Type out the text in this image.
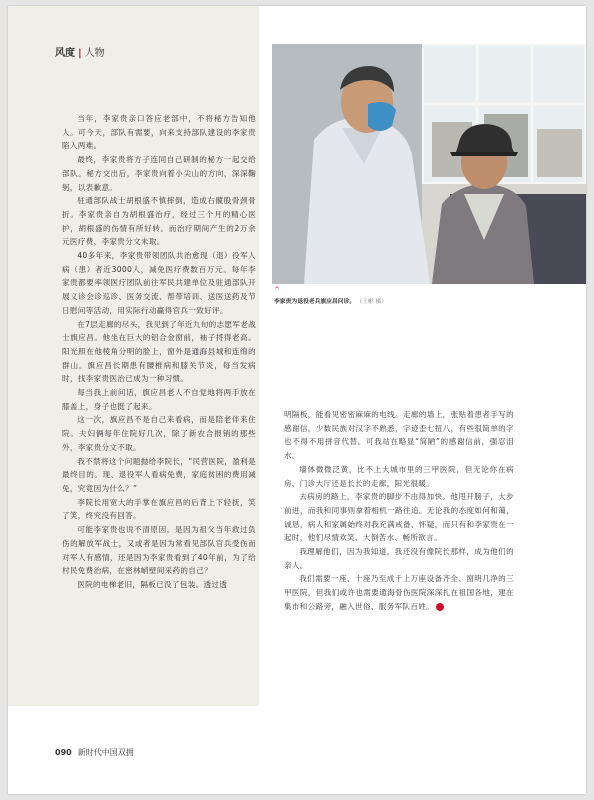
风度 | 人物

当年，李家贵亲口答应老部中，不将秘方告知他人。可今天，部队有需要，向来支持部队建设的李家贵陷入两难。

最终，李家贵将方子连同自己研制的秘方一起交给部队。秘方交出后，李家贵向着小尖山的方向，深深鞠躬，以表歉意。

驻通部队战士胡根盛不慎摔倒，造成右髋股骨颈骨折。李家贵亲自为胡根盛治疗，经过三个月的精心医护，胡根盛的伤情有所好转。而治疗期间产生的2万余元医疗费，李家贵分文未取。

40多年来，李家贵带领团队共治愈现（退）役军人病（患）者近3000人，减免医疗费数百万元。每年李家贵都要率领医疗团队前往军民共建单位及驻通部队开展义诊会诊巡诊、医务交流、帮带培训、送医送药及节日慰问等活动，用实际行动赢得官兵一致好评。

在7层走廊的尽头，我见到了年近九旬的志愿军老战士旗应昌。他坐在巨大的铝合金窗前，袖子捋得老高。阳光照在他棱角分明的脸上，窗外是通海县城和连绵的群山。旗应昌长期患有腰椎病和膝关节炎，每当发病时，找李家贵医治已成为一种习惯。

每当我上前问话，旗应昌老人不自觉地将两手放在膝盖上，身子也挺了起来。

这一次，旗应昌不是自己来看病，而是陪老伴来住院。夫妇俩每年住院好几次，除了新农合报销的那些外，李家贵分文不取。

我不禁将这个问题抛给李院长，“民营医院，盈利是最终目的。现、退役军人看病免费，家庭贫困的费用减免，究竟因为什么？”

李院长用宽大的手掌在旗应昌的后背上下轻抚，笑了笑，终究没有回答。

可能李家贵也说不清原因。是因为祖父当年救过负伤的解放军战士，又或者是因为常看见部队官兵受伤而对军人有感情，还是因为李家贵看到了40年前，为了给村民免费治病，在密林峭壁间采药的自己？

医院的电梯老旧，隔板已没了包装。透过透

^
李家贵为退役老兵旗应昌问诊。 （王彬 摄）

明隔板，能看见密密麻麻的电线。走廊的墙上，张贴着患者手写的感谢信。少数民族对汉字不熟悉，字迹歪七扭八，有些很简单的字也不得不用拼音代替。可我站在略显“简陋”的感谢信前，强忍泪水。

墙体微微泛黄，比不上大城市里的三甲医院，但无论你在病房、门诊大厅还是长长的走廊，阳光很暖。

去病房的路上，李家贵的脚步不由得加快。他甩开膀子，大步前进，而我和同事则拿着相机一路往追。无论我的态度如何和蔼，诚恳，病人和家属始终对我充满戒备、怀疑，而只有和李家贵在一起时，他们尽情欢笑、大倒苦水、畅所欲言。

我理解他们，因为我知道，我还没有像院长那样，成为他们的亲人。

我们需要一座、十座乃至成千上万座设备齐全、窗明几净的三甲医院，但我们或许也需要通海骨伤医院深深扎在祖国各地，建在集市和公路旁，融入世俗、服务军队百姓。	V

090 新时代中国双拥
